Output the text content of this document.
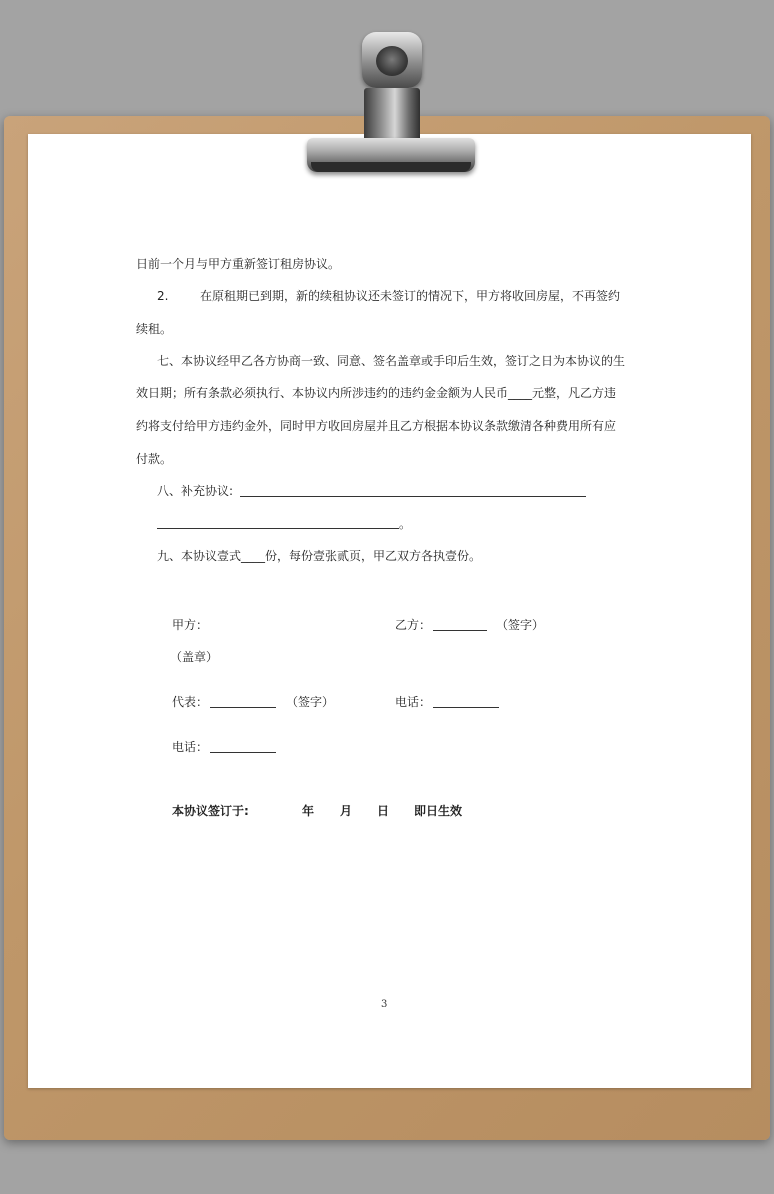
日前一个月与甲方重新签订租房协议。
2.	在原租期已到期，新的续租协议还未签订的情况下，甲方将收回房屋，不再签约
续租。
七、本协议经甲乙各方协商一致、同意、签名盖章或手印后生效，签订之日为本协议的生
效日期；所有条款必须执行、本协议内所涉违约的违约金金额为人民币____元整，凡乙方违
约将支付给甲方违约金外，同时甲方收回房屋并且乙方根据本协议条款缴清各种费用所有应
付款。
八、补充协议:
。
九、本协议壹式____份，每份壹张贰页，甲乙双方各执壹份。
甲方：	乙方：	（签字）
（盖章）
代表：	（签字）	电话：
电话：
本协议签订于:	年 月 日 即日生效
3
